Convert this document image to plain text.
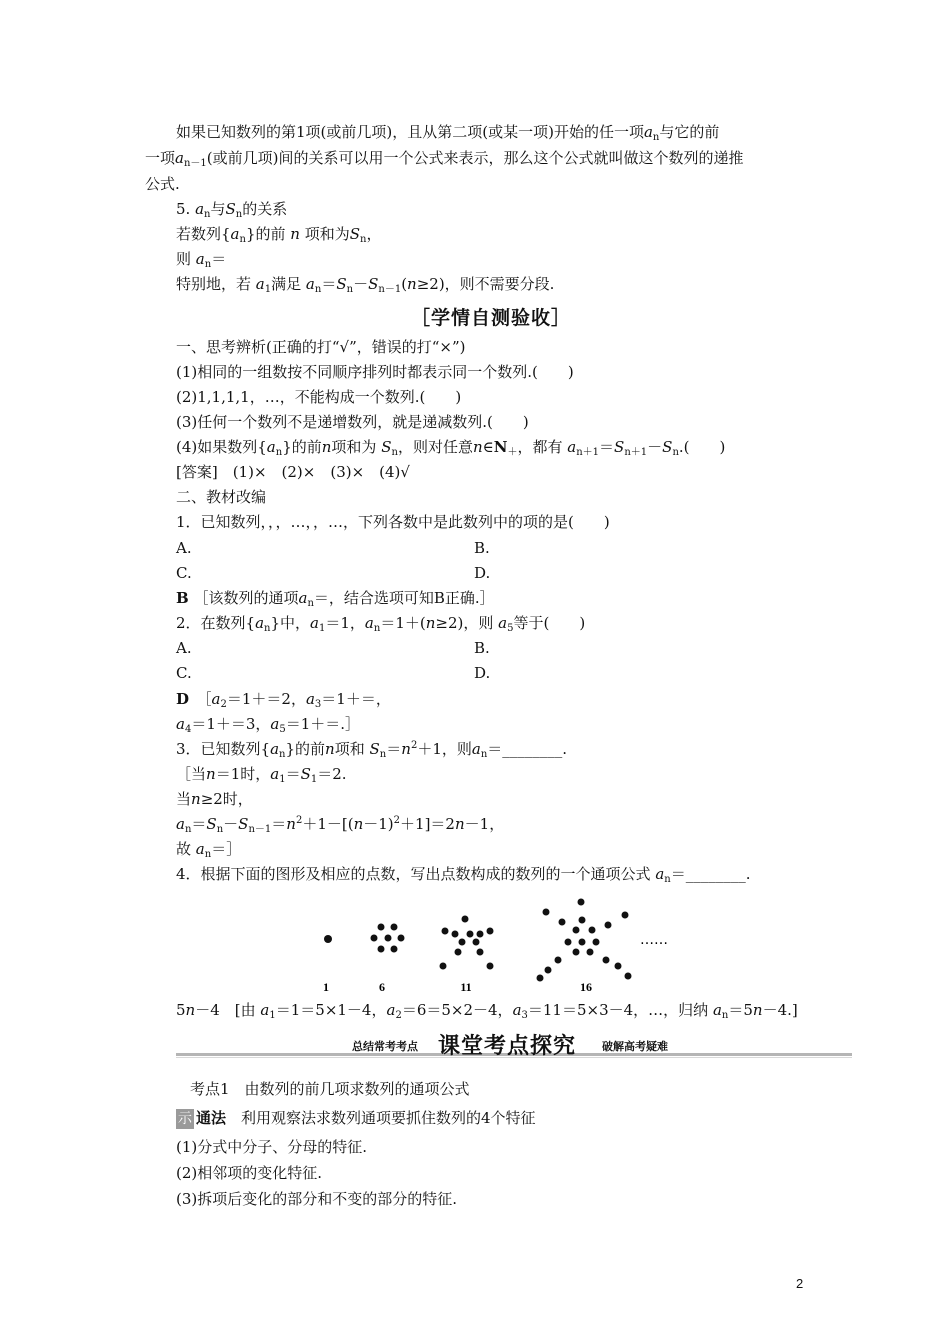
如果已知数列的第1项(或前几项)，且从第二项(或某一项)开始的任一项$a_n$与它的前
一项$a_{n-1}$(或前几项)间的关系可以用一个公式来表示，那么这个公式就叫做这个数列的递推
公式.
5. $a_n$与$S_n$的关系
若数列$\{a_n\}$的前 n 项和为$S_n$，
则 $a_n=$
特别地，若 $a_1$满足 $a_n=S_n-S_{n-1}(n\ge 2)$，则不需要分段.
［学情自测验收］
一、思考辨析(正确的打“√”，错误的打“×”)
(1)相同的一组数按不同顺序排列时都表示同一个数列.(　　)
(2)1,1,1,1，…，不能构成一个数列.(　　)
(3)任何一个数列不是递增数列，就是递减数列.(　　)
(4)如果数列$\{a_n\}$的前n项和为 $S_n$，则对任意$n\in N_+$，都有 $a_{n+1}=S_{n+1}-S_n$.(　　)
[答案]　(1)×　(2)×　(3)×　(4)√
二、教材改编
1．已知数列，，，…，，…，下列各数中是此数列中的项的是(　　)
A.	B.
C.	D.
B ［该数列的通项$a_n=$，结合选项可知B正确.］
2．在数列$\{a_n\}$中，$a_1=1$，$a_n=1+(n\ge 2)$，则 $a_5$等于(　　)
A.	B.
C.	D.
D　 $[a_2=1+=2$，$a_3=1+=$，
$a_4=1+=3$，$a_5=1+=.]$
3．已知数列$\{a_n\}$的前n项和 $S_n=n^2+1$，则$a_n=\_\_\_\_\_\_\_\_$.
［当n＝1时，$a_1=S_1=2$.
当n≥2时，
$a_n=S_n-S_{n-1}=n^2+1-[(n-1)^2+1]=2n-1$，
故 $a_n=]$
4．根据下面的图形及相应的点数，写出点数构成的数列的一个通项公式 $a_n=\_\_\_\_\_\_\_\_$.
1	6	11	16
……
5n－4　[由 $a_1=1=5\times 1-4$，$a_2=6=5\times 2-4$，$a_3=11=5\times 3-4$，…，归纳 $a_n=5n-4$.]
总结常考考点 课堂考点探究 破解高考疑难
考点1　由数列的前几项求数列的通项公式
示 通法　利用观察法求数列通项要抓住数列的4个特征
(1)分式中分子、分母的特征.
(2)相邻项的变化特征.
(3)拆项后变化的部分和不变的部分的特征.
2
